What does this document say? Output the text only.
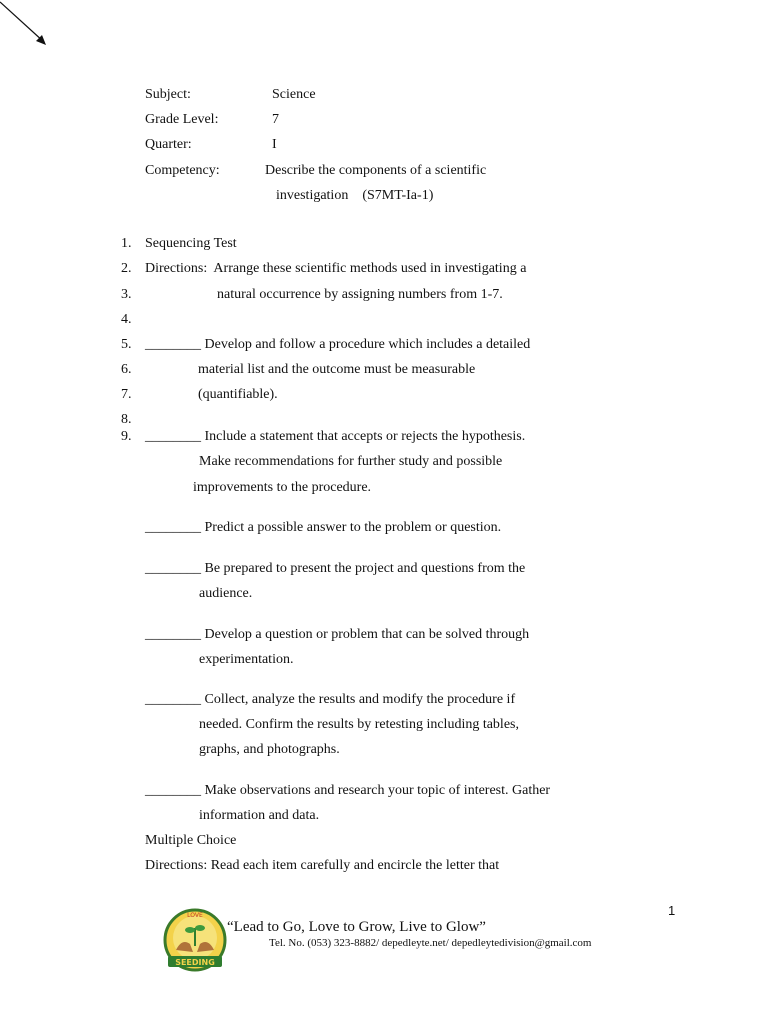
Subject:	Science
Grade Level:	7
Quarter:	I
Competency:	Describe the components of a scientific
investigation    (S7MT-Ia-1)
1.
2.
3.
4.
5.
6.
7.
8.
9.
Sequencing Test
Directions:  Arrange these scientific methods used in investigating a
natural occurrence by assigning numbers from 1-7.
________ Develop and follow a procedure which includes a detailed
material list and the outcome must be measurable
(quantifiable).
________ Include a statement that accepts or rejects the hypothesis.
Make recommendations for further study and possible
improvements to the procedure.
________ Predict a possible answer to the problem or question.
________ Be prepared to present the project and questions from the
audience.
________ Develop a question or problem that can be solved through
experimentation.
________ Collect, analyze the results and modify the procedure if
needed. Confirm the results by retesting including tables,
graphs, and photographs.
________ Make observations and research your topic of interest. Gather
information and data.
Multiple Choice
Directions: Read each item carefully and encircle the letter that
1
SEEDING
LOVE
“Lead to Go, Love to Grow, Live to Glow”
Tel. No. (053) 323-8882/ depedleyte.net/ depedleytedivision@gmail.com
